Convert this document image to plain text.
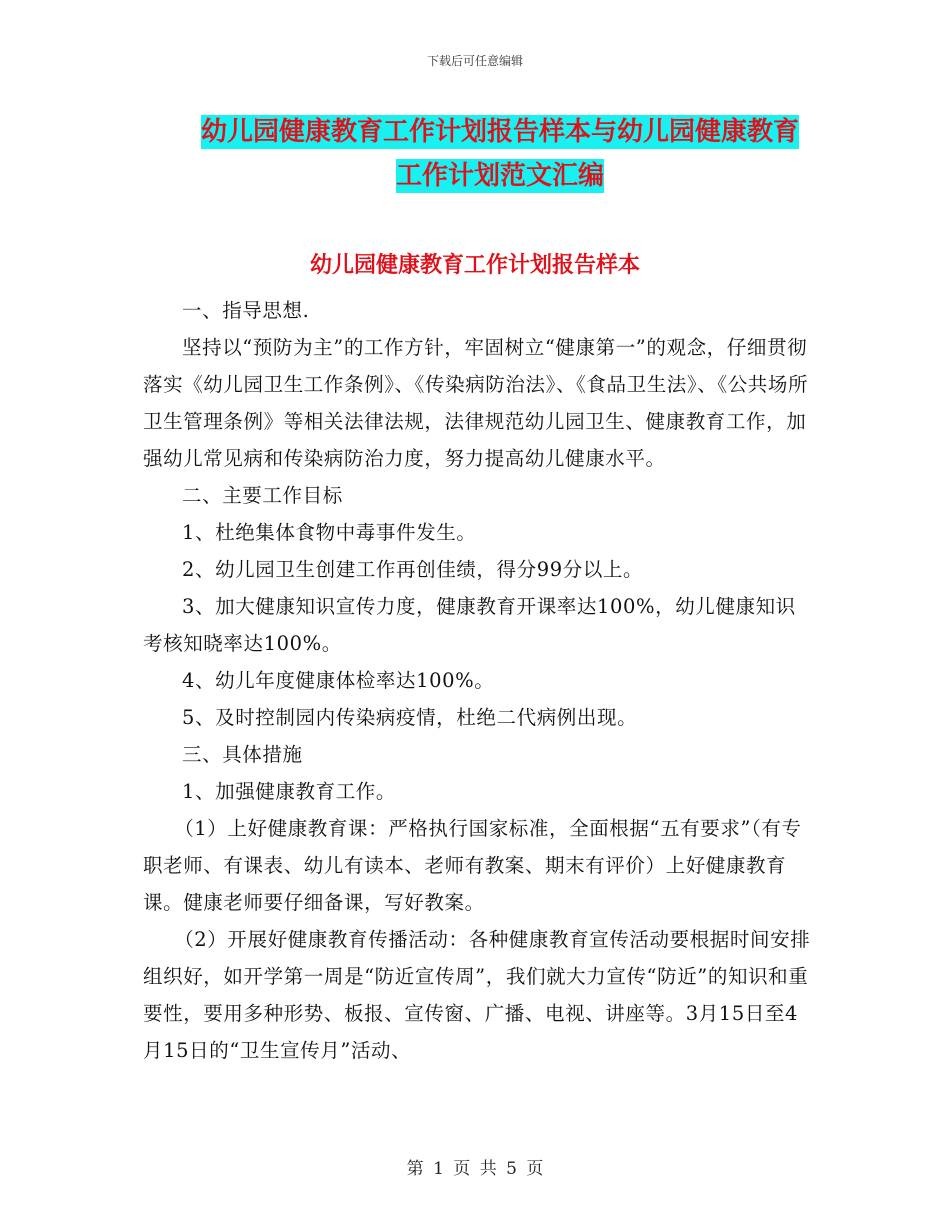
下载后可任意编辑
幼儿园健康教育工作计划报告样本与幼儿园健康教育
工作计划范文汇编
幼儿园健康教育工作计划报告样本

一、指导思想.

坚持以“预防为主”的工作方针，牢固树立“健康第一”的观念，仔细贯彻落实《幼儿园卫生工作条例》、《传染病防治法》、《食品卫生法》、《公共场所卫生管理条例》等相关法律法规，法律规范幼儿园卫生、健康教育工作，加强幼儿常见病和传染病防治力度，努力提高幼儿健康水平。

二、主要工作目标

1、杜绝集体食物中毒事件发生。

2、幼儿园卫生创建工作再创佳绩，得分99分以上。

3、加大健康知识宣传力度，健康教育开课率达100%，幼儿健康知识考核知晓率达100%。

4、幼儿年度健康体检率达100%。

5、及时控制园内传染病疫情，杜绝二代病例出现。

三、具体措施

1、加强健康教育工作。

（1）上好健康教育课：严格执行国家标准，全面根据“五有要求”（有专职老师、有课表、幼儿有读本、老师有教案、期末有评价）上好健康教育课。健康老师要仔细备课，写好教案。

（2）开展好健康教育传播活动：各种健康教育宣传活动要根据时间安排组织好，如开学第一周是“防近宣传周”，我们就大力宣传“防近”的知识和重要性，要用多种形势、板报、宣传窗、广播、电视、讲座等。3月15日至4月15日的“卫生宣传月”活动、

第 1 页 共 5 页
